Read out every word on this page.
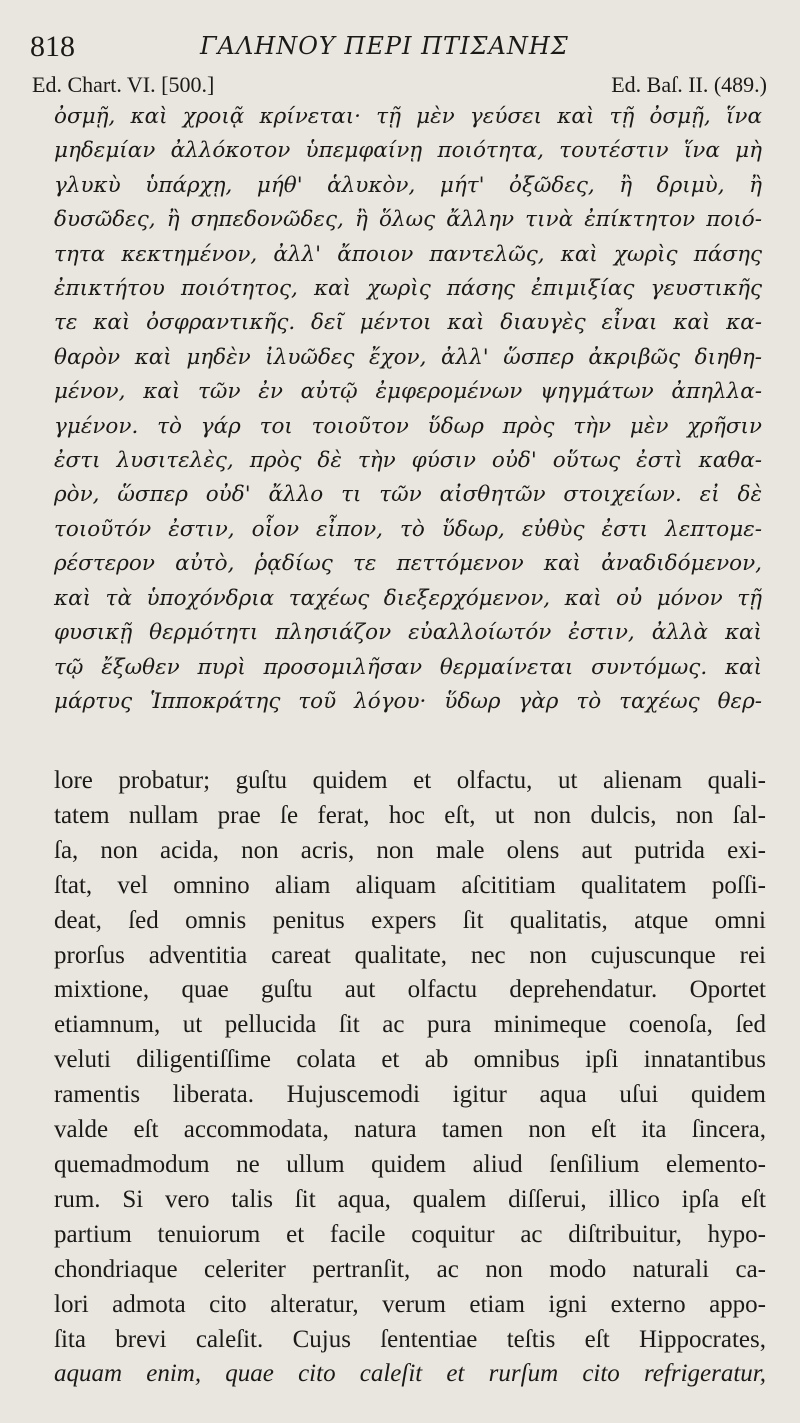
818	ΓΑΛΗΝΟΥ ΠΕΡΙ ΠΤΙΣΑΝΗΣ
Ed. Chart. VI. [500.]	Ed. Baſ. II. (489.)
ὀσμῇ, καὶ χροιᾷ κρίνεται· τῇ μὲν γεύσει καὶ τῇ ὀσμῇ, ἵνα
μηδεμίαν ἀλλόκοτον ὑπεμφαίνῃ ποιότητα, τουτέστιν ἵνα μὴ
γλυκὺ ὑπάρχῃ, μήθ' ἁλυκὸν, μήτ' ὀξῶδες, ἢ δριμὺ, ἢ
δυσῶδες, ἢ σηπεδονῶδες, ἢ ὅλως ἄλλην τινὰ ἐπίκτητον ποιό-
τητα κεκτημένον, ἀλλ' ἄποιον παντελῶς, καὶ χωρὶς πάσης
ἐπικτήτου ποιότητος, καὶ χωρὶς πάσης ἐπιμιξίας γευστικῆς
τε καὶ ὀσφραντικῆς. δεῖ μέντοι καὶ διαυγὲς εἶναι καὶ κα-
θαρὸν καὶ μηδὲν ἰλυῶδες ἔχον, ἀλλ' ὥσπερ ἀκριβῶς διηθη-
μένον, καὶ τῶν ἐν αὐτῷ ἐμφερομένων ψηγμάτων ἀπηλλα-
γμένον. τὸ γάρ τοι τοιοῦτον ὕδωρ πρὸς τὴν μὲν χρῆσιν
ἐστι λυσιτελὲς, πρὸς δὲ τὴν φύσιν οὐδ' οὕτως ἐστὶ καθα-
ρὸν, ὥσπερ οὐδ' ἄλλο τι τῶν αἰσθητῶν στοιχείων. εἰ δὲ
τοιοῦτόν ἐστιν, οἷον εἶπον, τὸ ὕδωρ, εὐθὺς ἐστι λεπτομε-
ρέστερον αὐτὸ, ῥᾳδίως τε πεττόμενον καὶ ἀναδιδόμενον,
καὶ τὰ ὑποχόνδρια ταχέως διεξερχόμενον, καὶ οὐ μόνον τῇ
φυσικῇ θερμότητι πλησιάζον εὐαλλοίωτόν ἐστιν, ἀλλὰ καὶ
τῷ ἔξωθεν πυρὶ προσομιλῆσαν θερμαίνεται συντόμως. καὶ
μάρτυς Ἱπποκράτης τοῦ λόγου· ὕδωρ γὰρ τὸ ταχέως θερ-
lore probatur; guſtu quidem et olfactu, ut alienam quali-
tatem nullam prae ſe ferat, hoc eſt, ut non dulcis, non ſal-
ſa, non acida, non acris, non male olens aut putrida exi-
ſtat, vel omnino aliam aliquam aſcititiam qualitatem poſſi-
deat, ſed omnis penitus expers ſit qualitatis, atque omni
prorſus adventitia careat qualitate, nec non cujuscunque rei
mixtione, quae guſtu aut olfactu deprehendatur. Oportet
etiamnum, ut pellucida ſit ac pura minimeque coenoſa, ſed
veluti diligentiſſime colata et ab omnibus ipſi innatantibus
ramentis liberata. Hujuscemodi igitur aqua uſui quidem
valde eſt accommodata, natura tamen non eſt ita ſincera,
quemadmodum ne ullum quidem aliud ſenſilium elemento-
rum. Si vero talis ſit aqua, qualem diſſerui, illico ipſa eſt
partium tenuiorum et facile coquitur ac diſtribuitur, hypo-
chondriaque celeriter pertranſit, ac non modo naturali ca-
lori admota cito alteratur, verum etiam igni externo appo-
ſita brevi caleſit. Cujus ſententiae teſtis eſt Hippocrates,
aquam enim, quae cito caleſit et rurſum cito refrigeratur,
